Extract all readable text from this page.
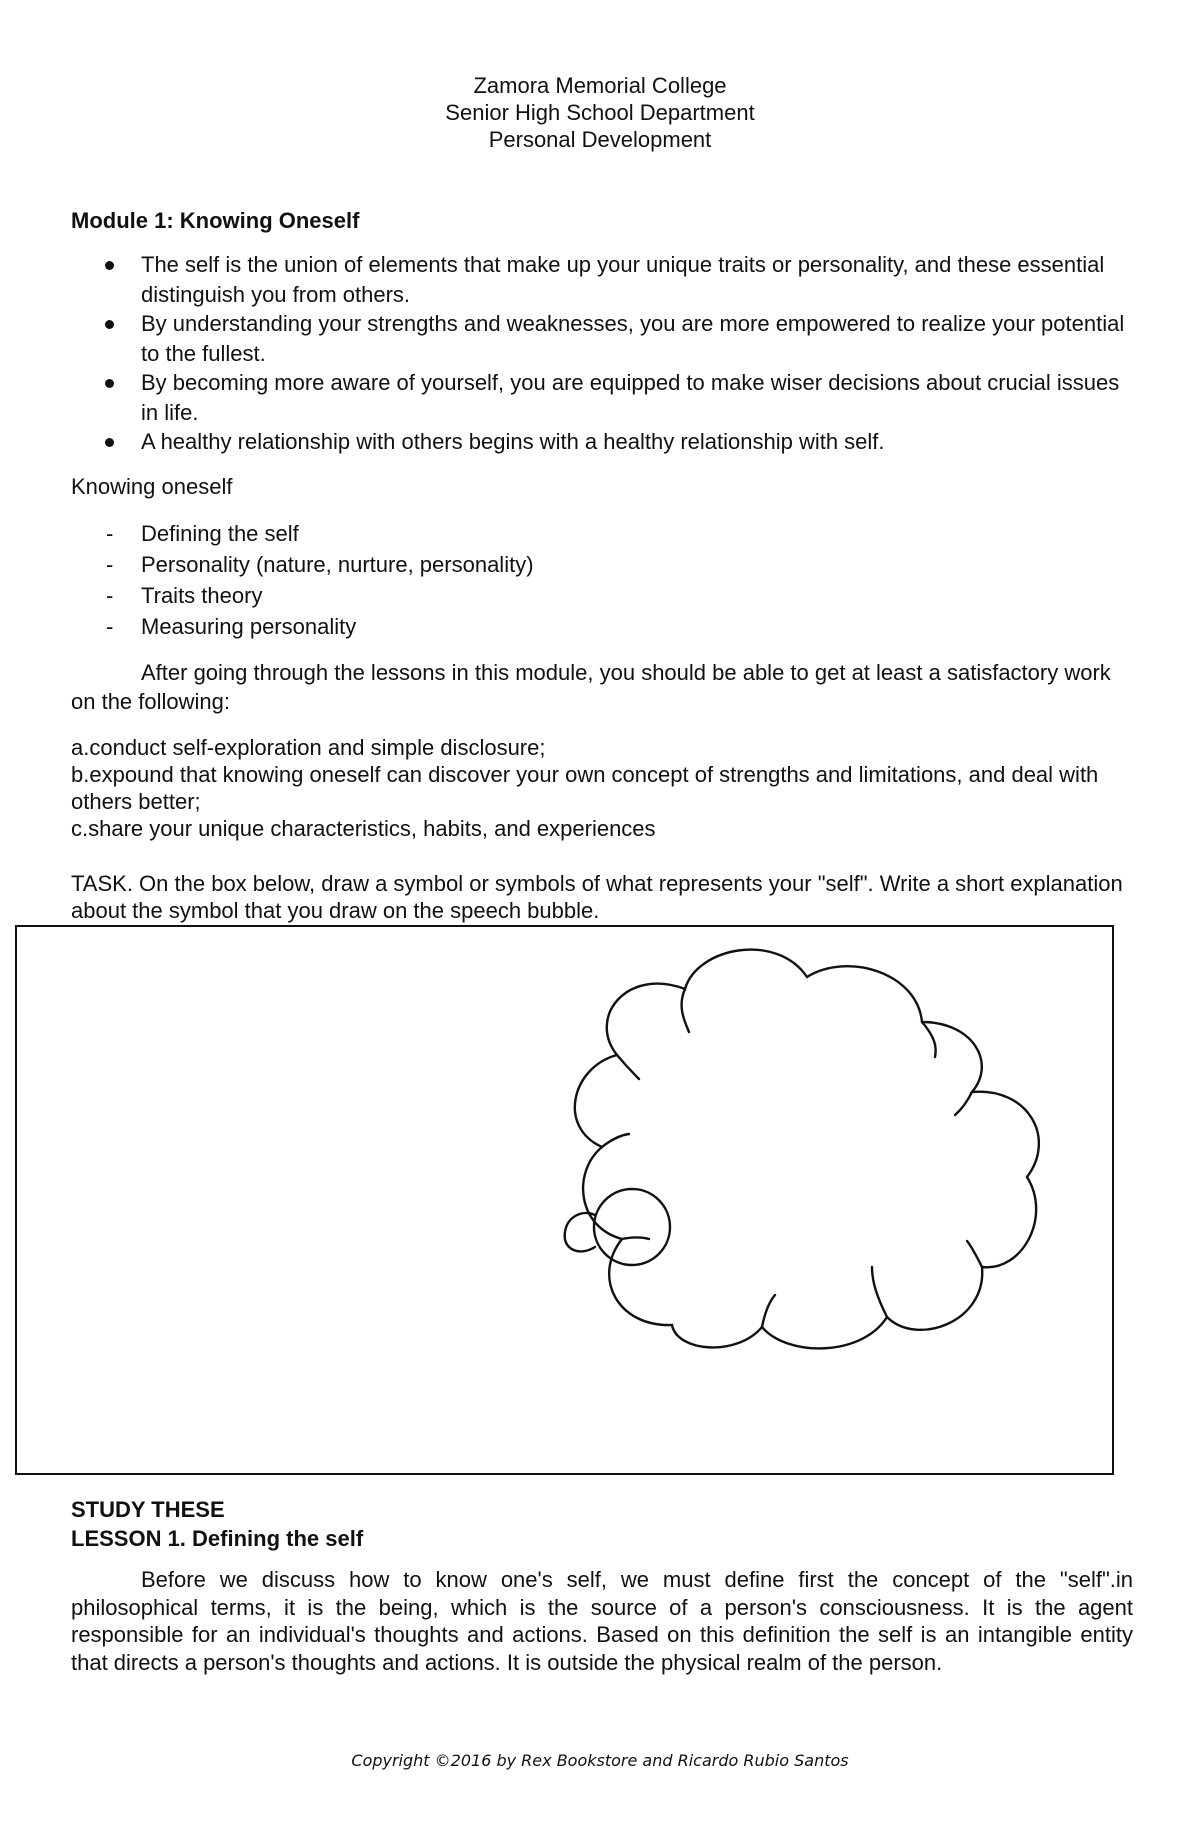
Zamora Memorial College
Senior High School Department
Personal Development
Module 1: Knowing Oneself
The self is the union of elements that make up your unique traits or personality, and these essential distinguish you from others.
By understanding your strengths and weaknesses, you are more empowered to realize your potential to the fullest.
By becoming more aware of yourself, you are equipped to make wiser decisions about crucial issues in life.
A healthy relationship with others begins with a healthy relationship with self.
Knowing oneself
- Defining the self
- Personality (nature, nurture, personality)
- Traits theory
- Measuring personality
After going through the lessons in this module, you should be able to get at least a satisfactory work on the following:
a.conduct self-exploration and simple disclosure;
b.expound that knowing oneself can discover your own concept of strengths and limitations, and deal with others better;
c.share your unique characteristics, habits, and experiences
TASK. On the box below, draw a symbol or symbols of what represents your "self". Write a short explanation about the symbol that you draw on the speech bubble.
STUDY THESE
LESSON 1. Defining the self
Before we discuss how to know one's self, we must define first the concept of the "self".in philosophical terms, it is the being, which is the source of a person's consciousness. It is the agent responsible for an individual's thoughts and actions. Based on this definition the self is an intangible entity that directs a person's thoughts and actions. It is outside the physical realm of the person.
Copyright ©2016 by Rex Bookstore and Ricardo Rubio Santos
